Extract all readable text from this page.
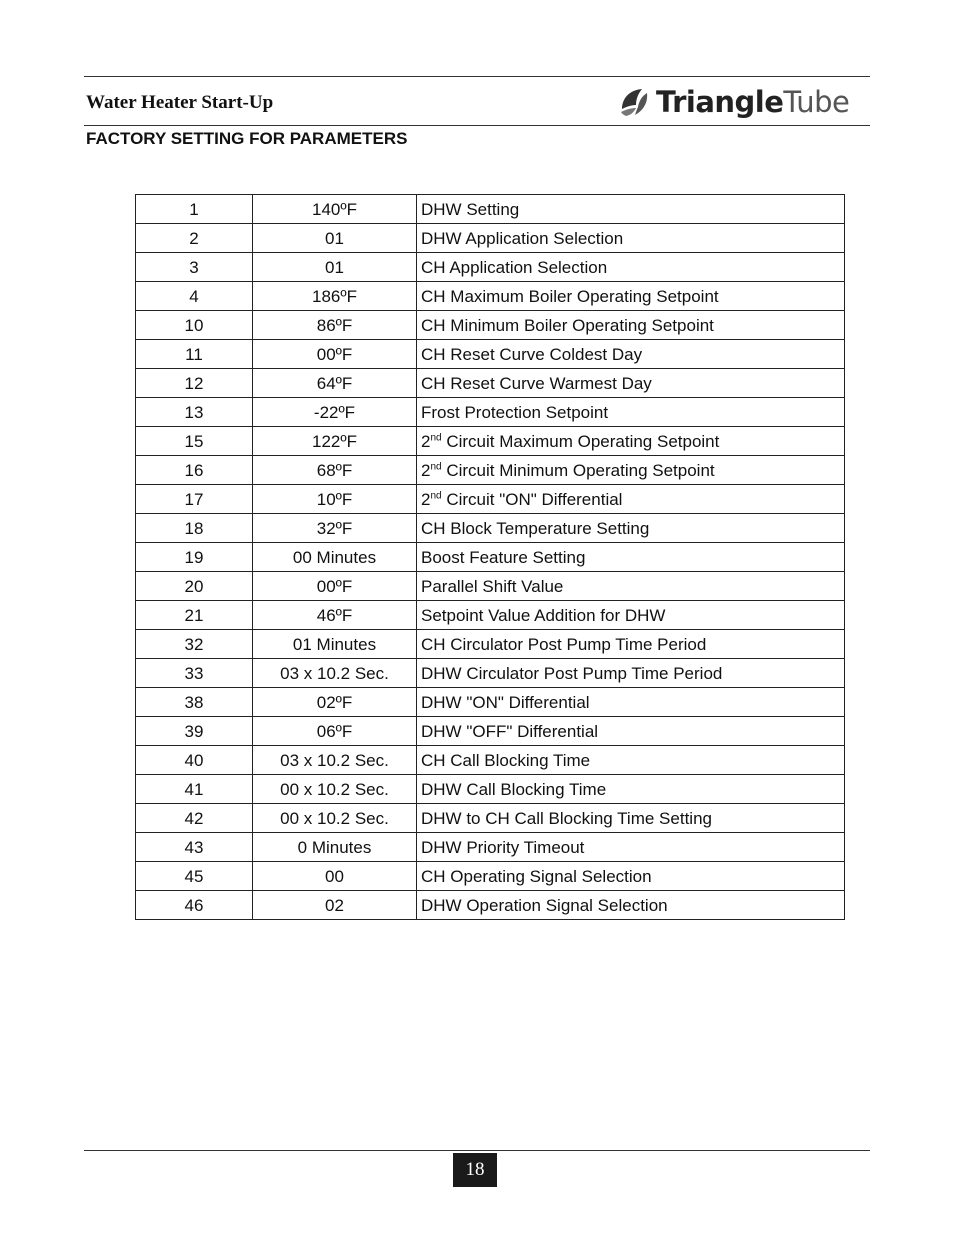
Water Heater Start-Up	TriangleTube
FACTORY SETTING FOR PARAMETERS
1	140ºF	DHW Setting
2	01	DHW Application Selection
3	01	CH Application Selection
4	186ºF	CH Maximum Boiler Operating Setpoint
10	86ºF	CH Minimum Boiler Operating Setpoint
11	00ºF	CH Reset Curve Coldest Day
12	64ºF	CH Reset Curve Warmest Day
13	-22ºF	Frost Protection Setpoint
15	122ºF	2nd Circuit Maximum Operating Setpoint
16	68ºF	2nd Circuit Minimum Operating Setpoint
17	10ºF	2nd Circuit "ON" Differential
18	32ºF	CH Block Temperature Setting
19	00 Minutes	Boost Feature Setting
20	00ºF	Parallel Shift Value
21	46ºF	Setpoint Value Addition for DHW
32	01 Minutes	CH Circulator Post Pump Time Period
33	03 x 10.2 Sec.	DHW Circulator Post Pump Time Period
38	02ºF	DHW "ON" Differential
39	06ºF	DHW "OFF" Differential
40	03 x 10.2 Sec.	CH Call Blocking Time
41	00 x 10.2 Sec.	DHW Call Blocking Time
42	00 x 10.2 Sec.	DHW to CH Call Blocking Time Setting
43	0 Minutes	DHW Priority Timeout
45	00	CH Operating Signal Selection
46	02	DHW Operation Signal Selection
18
